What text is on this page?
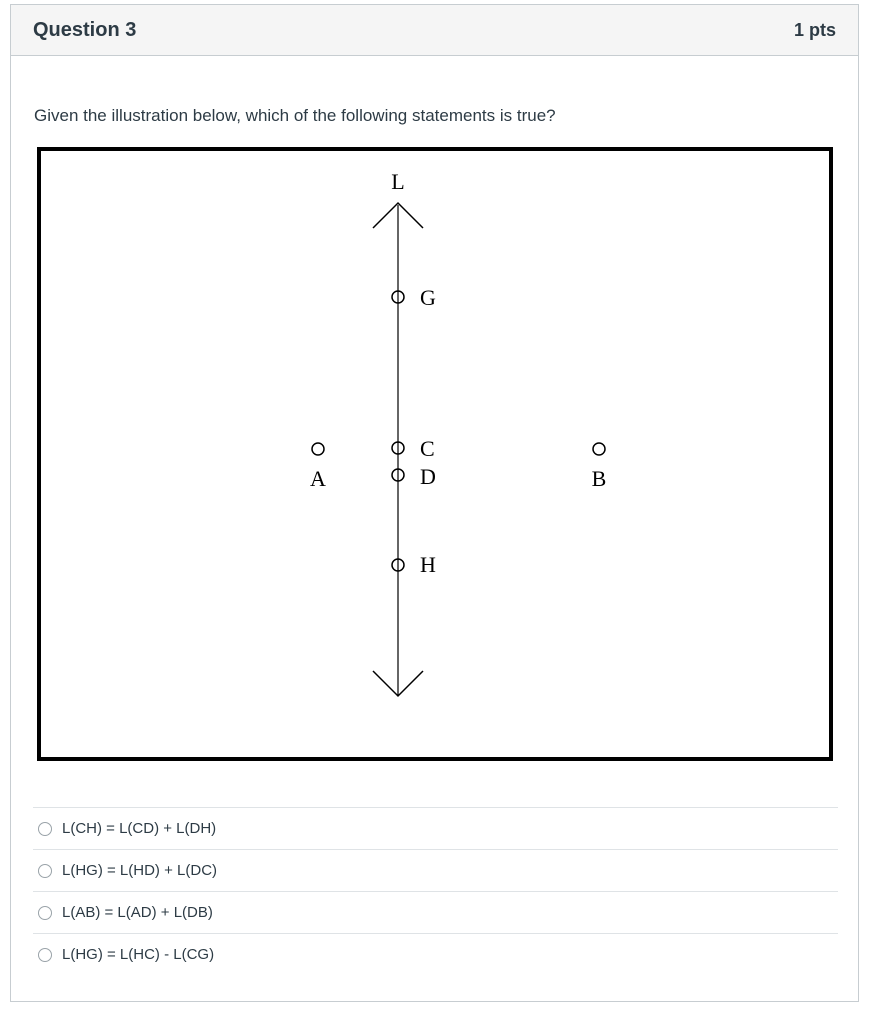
Question 3	1 pts
Given the illustration below, which of the following statements is true?
L
G
C
D
H
A	B
L(CH) = L(CD) + L(DH)
L(HG) = L(HD) + L(DC)
L(AB) = L(AD) + L(DB)
L(HG) = L(HC) - L(CG)
